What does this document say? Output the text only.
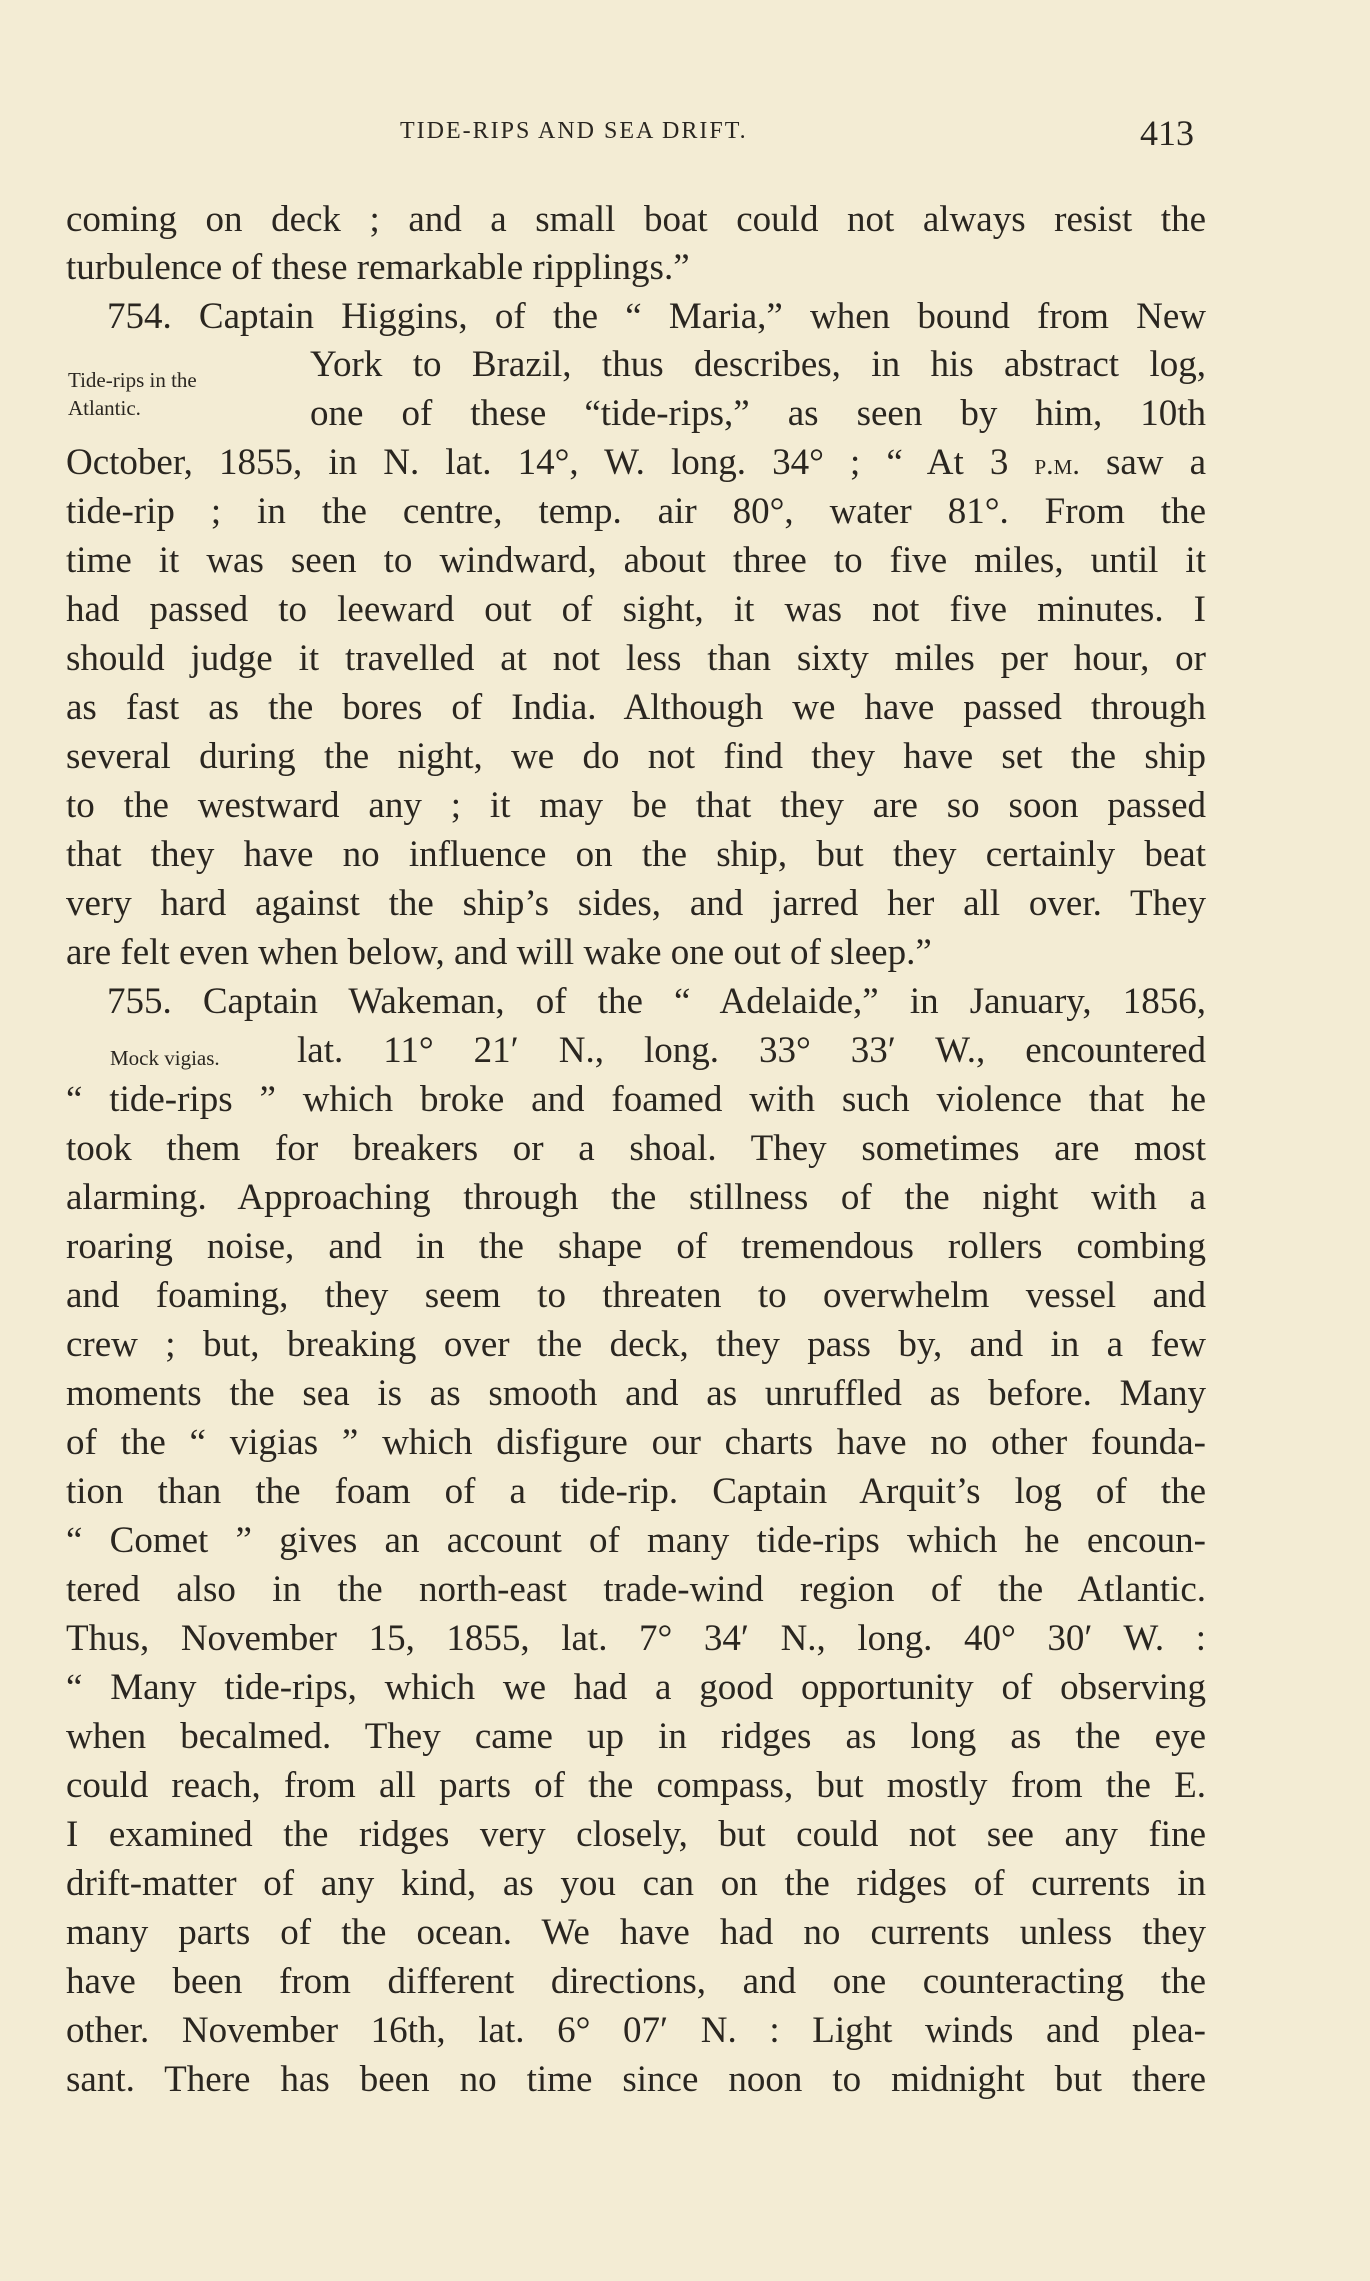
TIDE-RIPS AND SEA DRIFT.	413
coming on deck ; and a small boat could not always resist the
turbulence of these remarkable ripplings.”
754. Captain Higgins, of the “ Maria,” when bound from New
York to Brazil, thus describes, in his abstract log,
one of these “tide-rips,” as seen by him, 10th
October, 1855, in N. lat. 14°, W. long. 34° ; “ At 3 p.m. saw a
tide-rip ; in the centre, temp. air 80°, water 81°. From the
time it was seen to windward, about three to five miles, until it
had passed to leeward out of sight, it was not five minutes. I
should judge it travelled at not less than sixty miles per hour, or
as fast as the bores of India. Although we have passed through
several during the night, we do not find they have set the ship
to the westward any ; it may be that they are so soon passed
that they have no influence on the ship, but they certainly beat
very hard against the ship’s sides, and jarred her all over. They
are felt even when below, and will wake one out of sleep.”
755. Captain Wakeman, of the “ Adelaide,” in January, 1856,
lat. 11° 21′ N., long. 33° 33′ W., encountered
“ tide-rips ” which broke and foamed with such violence that he
took them for breakers or a shoal. They sometimes are most
alarming. Approaching through the stillness of the night with a
roaring noise, and in the shape of tremendous rollers combing
and foaming, they seem to threaten to overwhelm vessel and
crew ; but, breaking over the deck, they pass by, and in a few
moments the sea is as smooth and as unruffled as before. Many
of the “ vigias ” which disfigure our charts have no other founda-
tion than the foam of a tide-rip. Captain Arquit’s log of the
“ Comet ” gives an account of many tide-rips which he encoun-
tered also in the north-east trade-wind region of the Atlantic.
Thus, November 15, 1855, lat. 7° 34′ N., long. 40° 30′ W. :
“ Many tide-rips, which we had a good opportunity of observing
when becalmed. They came up in ridges as long as the eye
could reach, from all parts of the compass, but mostly from the E.
I examined the ridges very closely, but could not see any fine
drift-matter of any kind, as you can on the ridges of currents in
many parts of the ocean. We have had no currents unless they
have been from different directions, and one counteracting the
other. November 16th, lat. 6° 07′ N. : Light winds and plea-
sant. There has been no time since noon to midnight but there
Tide-rips in the
Atlantic.
Mock vigias.
